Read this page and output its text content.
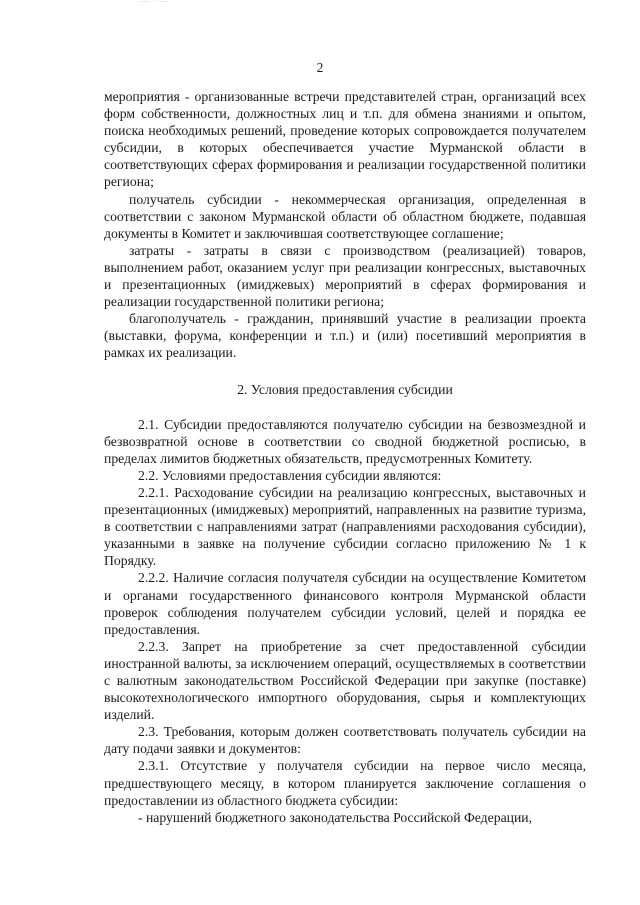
— · —
2

мероприятия - организованные встречи представителей стран, организаций всех форм собственности, должностных лиц и т.п. для обмена знаниями и опытом, поиска необходимых решений, проведение которых сопровождается получателем субсидии, в которых обеспечивается участие Мурманской области в соответствующих сферах формирования и реализации государственной политики региона;

получатель субсидии - некоммерческая организация, определенная в соответствии с законом Мурманской области об областном бюджете, подавшая документы в Комитет и заключившая соответствующее соглашение;

затраты - затраты в связи с производством (реализацией) товаров, выполнением работ, оказанием услуг при реализации конгрессных, выставочных и презентационных (имиджевых) мероприятий в сферах формирования и реализации государственной политики региона;

благополучатель - гражданин, принявший участие в реализации проекта (выставки, форума, конференции и т.п.) и (или) посетивший мероприятия в рамках их реализации.

2. Условия предоставления субсидии

2.1. Субсидии предоставляются получателю субсидии на безвозмездной и безвозвратной основе в соответствии со сводной бюджетной росписью, в пределах лимитов бюджетных обязательств, предусмотренных Комитету.

2.2. Условиями предоставления субсидии являются:

2.2.1. Расходование субсидии на реализацию конгрессных, выставочных и презентационных (имиджевых) мероприятий, направленных на развитие туризма, в соответствии с направлениями затрат (направлениями расходования субсидии), указанными в заявке на получение субсидии согласно приложению № 1 к Порядку.

2.2.2. Наличие согласия получателя субсидии на осуществление Комитетом и органами государственного финансового контроля Мурманской области проверок соблюдения получателем субсидии условий, целей и порядка ее предоставления.

2.2.3. Запрет на приобретение за счет предоставленной субсидии иностранной валюты, за исключением операций, осуществляемых в соответствии с валютным законодательством Российской Федерации при закупке (поставке) высокотехнологического импортного оборудования, сырья и комплектующих изделий.

2.3. Требования, которым должен соответствовать получатель субсидии на дату подачи заявки и документов:

2.3.1. Отсутствие у получателя субсидии на первое число месяца, предшествующего месяцу, в котором планируется заключение соглашения о предоставлении из областного бюджета субсидии:

- нарушений бюджетного законодательства Российской Федерации,
